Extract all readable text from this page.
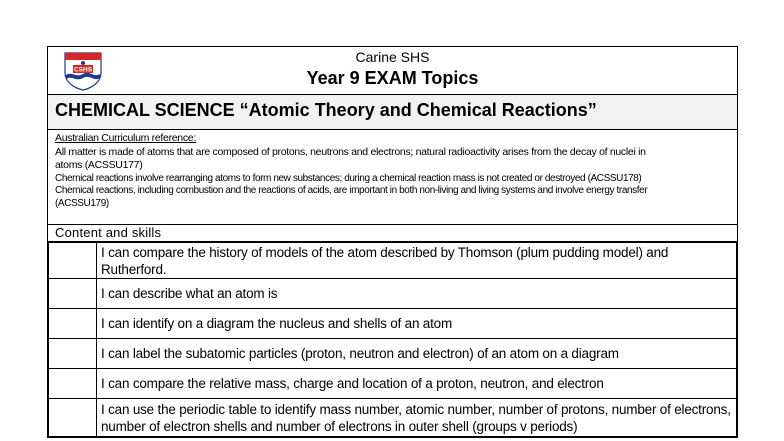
CSHS
Carine SHS
Year 9 EXAM Topics

CHEMICAL SCIENCE “Atomic Theory and Chemical Reactions”

Australian Curriculum reference:
All matter is made of atoms that are composed of protons, neutrons and electrons; natural radioactivity arises from the decay of nuclei in
atoms (ACSSU177)
Chemical reactions involve rearranging atoms to form new substances; during a chemical reaction mass is not created or destroyed (ACSSU178)
Chemical reactions, including combustion and the reactions of acids, are important in both non-living and living systems and involve energy transfer
(ACSSU179)

Content and skills

I can compare the history of models of the atom described by Thomson (plum pudding model) and
Rutherford.

I can describe what an atom is

I can identify on a diagram the nucleus and shells of an atom

I can label the subatomic particles (proton, neutron and electron) of an atom on a diagram

I can compare the relative mass, charge and location of a proton, neutron, and electron

I can use the periodic table to identify mass number, atomic number, number of protons, number of electrons,
number of electron shells and number of electrons in outer shell (groups v periods)
